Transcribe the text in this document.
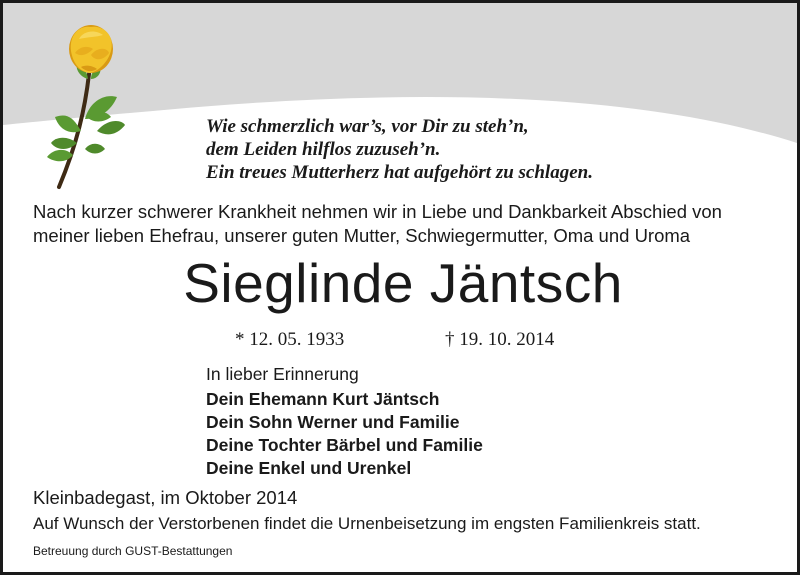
Wie schmerzlich war’s, vor Dir zu steh’n,
dem Leiden hilflos zuzuseh’n.
Ein treues Mutterherz hat aufgehört zu schlagen.
Nach kurzer schwerer Krankheit nehmen wir in Liebe und Dankbarkeit Abschied von
meiner lieben Ehefrau, unserer guten Mutter, Schwiegermutter, Oma und Uroma
Sieglinde Jäntsch
* 12. 05. 1933	† 19. 10. 2014
In lieber Erinnerung
Dein Ehemann Kurt Jäntsch
Dein Sohn Werner und Familie
Deine Tochter Bärbel und Familie
Deine Enkel und Urenkel
Kleinbadegast, im Oktober 2014
Auf Wunsch der Verstorbenen findet die Urnenbeisetzung im engsten Familienkreis statt.
Betreuung durch GUST-Bestattungen
